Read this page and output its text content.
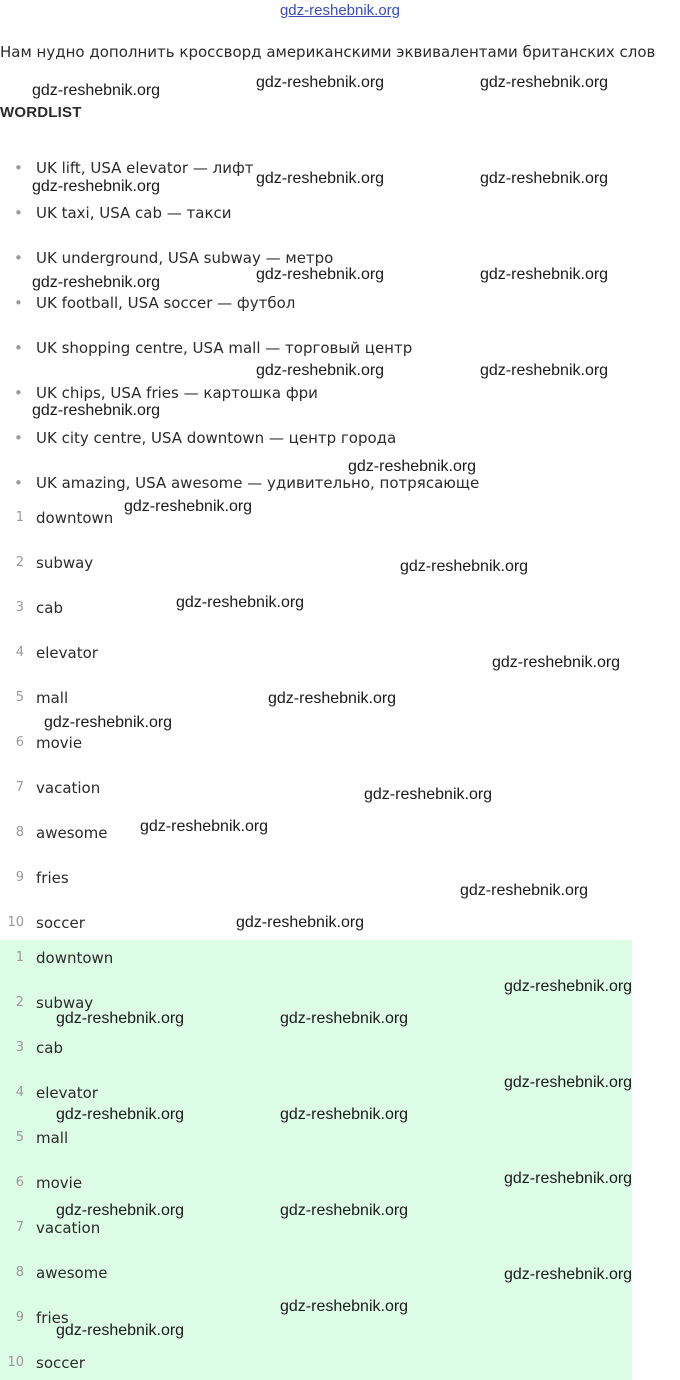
gdz-reshebnik.org
Нам нудно дополнить кроссворд американскими эквивалентами британских слов
WORDLIST
• UK lift, USA elevator — лифт
• UK taxi, USA cab — такси
• UK underground, USA subway — метро
• UK football, USA soccer — футбол
• UK shopping centre, USA mall — торговый центр
• UK chips, USA fries — картошка фри
• UK city centre, USA downtown — центр города
• UK amazing, USA awesome — удивительно, потрясающе
1 downtown
2 subway
3 cab
4 elevator
5 mall
6 movie
7 vacation
8 awesome
9 fries
10 soccer
1 downtown
2 subway
3 cab
4 elevator
5 mall
6 movie
7 vacation
8 awesome
9 fries
10 soccer
gdz-reshebnik.org	gdz-reshebnik.org	gdz-reshebnik.org
gdz-reshebnik.org	gdz-reshebnik.org	gdz-reshebnik.org
gdz-reshebnik.org	gdz-reshebnik.org	gdz-reshebnik.org
gdz-reshebnik.org	gdz-reshebnik.org
gdz-reshebnik.org
gdz-reshebnik.org
gdz-reshebnik.org
gdz-reshebnik.org
gdz-reshebnik.org
gdz-reshebnik.org
gdz-reshebnik.org
gdz-reshebnik.org
gdz-reshebnik.org
gdz-reshebnik.org
gdz-reshebnik.org
gdz-reshebnik.org
gdz-reshebnik.org
gdz-reshebnik.org	gdz-reshebnik.org
gdz-reshebnik.org
gdz-reshebnik.org	gdz-reshebnik.org
gdz-reshebnik.org
gdz-reshebnik.org	gdz-reshebnik.org
gdz-reshebnik.org
gdz-reshebnik.org
gdz-reshebnik.org
